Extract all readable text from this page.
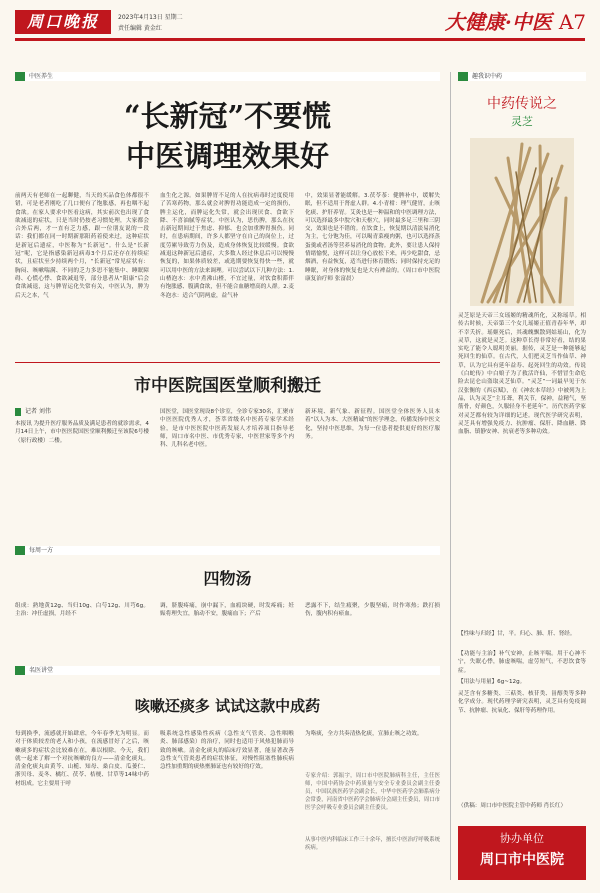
周口晚报	2023年4月13日 星期二
责任编辑 黄金红	大健康·中医 A7
中医养生
“长新冠”不要慌
中医调理效果好
前两天有老师在一起聊健，当天的买品食色体都很不错，可是老者刚吃了几口便有了饱胀感，再也咽不起食欲。在家人要求中医看这病，其实前次也出现了食欲减退的症状，只是当时仍按老习惯处理，大家都会合外后两，才一直有乏力感，跟一位朋友说的一段话：我们都在同一时期新那阳药着使来过，这种症状是新冠后遗症，中医称为“长新冠”。什么是“长新冠”呢，它是指感染新冠病毒3个月后还存在持续症状，且症状至少持续两个月，“长新冠”常见症状有：胸闷、咳嗽喘满、不同的乏力多思不能集中、睡眠障碍、心慌心悸、食欲减退等，部分患者从“阳康”后会食欲减退，这与脾胃运化失常有关，中医认为，脾为后天之本，气
血生化之源。如果脾胃不足的人在抗病毒时过度使用了苦寒药物，那么就会对脾胃功能造成一定的损伤，脾主运化，而脾运化失常，就会出现厌食、食欲下降、不喜油腻等症状。中医认为，思伤脾，那么在抗击新冠期间过于焦虑、抑郁、也会加重脾胃损伤。同时，在患病期间，许多人都坚守在自己的岗位上，过度劳累导致劳力伤及，造成身体恢复比较缓慢。食欲减退这种新冠后遗症，大多数人经过休息后可以慢慢恢复的，如果体质较差，或选期要恢复得快一些，就可以用中医的方法来调理。可以尝试以下几种方法：1.山楂泡水：水中煮沸山楂，不宜过量，对饮食积滞伴有饱胀感、腹满食欲，但不能合血糖增高的人群。2.麦冬泡水：适合气阴两虚，益气补
中，效果显著能缓解。3.茯苓茶：健脾补中，缓解失眠，但不适用于肾虚人群。4.小青柑：理气健胃，止咳化痰、护肝养胃。艾灸也是一种温和的中医调理方法，可以选择最多中脘穴和天枢穴，同时最多足三里和三阴交，效果也是不错的。在饮食上，恢复期以清淡易消化为主，七分饱为佳，可以喝青菜瘦肉粥，也可以选择蒸蛋羹或者汤等营养易消化的食物。此外，要让患人保持情绪愉悦，这样可以让身心放松下来，再少吃甜食，忌烟酒，有益恢复，适当进行体育锻炼；同时保持充足的睡眠，对身体的恢复也是大有裨益的。（周口市中医院康复治疗师 张富晨）
市中医院国医堂顺利搬迁
记者 刘伟
本报讯 为提升医疗服务品质及满足患者的就诊需求，4月14日上午，市中医医院国医堂顺利搬迁至该院6号楼（原行政楼）二楼。
国医堂，国医堂现设8个诊室，全诊专家30名，汇聚市中医医院优秀人才，荟萃省级名中医药专家学术经验，是市中医医院中医药发展人才培养项目指导老师，周口市名中医、市优秀专家，中医世家等多个内科、儿科名老中医。
新环境、新气象、新征程。国医堂全体医务人员本着“以人为本、大医精诚”的医学理念，传播发扬中医文化，坚持中医思维，为每一位患者提供更好的医疗服务。
每周一方
四物汤
组成：熟地黄12g、当归10g、白芍12g、川芎6g。主治：冲任虚损，月经不
调，脐腹疼痛，崩中漏下，血瘕块硬，时发疼痛；妊娠将理失宜，胎动不安，腹痛血下；产后
恶露不下，结生瘕聚，少腹坚痛，时作寒热；跌打损伤，腹内积有瘀血。
名医讲堂
咳嗽还痰多 试试这款中成药
每到换季，流感就开始肆虐，今年春季尤为明显。而对于体质较差的老人和小孩，在流感冒好了之后，咳嗽痰多的症状会比较难在在，难以根除。今天，我们就一起来了解一个对抗咳嗽的良方——清金化痰丸。清金化痰丸由黄芩、山栀、知母、桑白皮、瓜蒌仁、浙贝母、麦冬、橘红、茯苓、桔梗、甘草等14味中药材组成。它主要用于呼
吸系统急性感染性疾病（急性支气管炎、急性咽喉炎、肺部感染）的治疗，同时也适用于风热犯肺而导致的咳嗽。清金化痰丸的临床疗效显著，能显著改善急性支气管炎患者的症状体征，对慢性阻塞性肺疾病急性加重期的痰热壅肺证也有较好的疗效。
为咯痰，全方共奏清热化痰，宣肺止咳之功效。
专家介绍：郭振宇，周口市中医院肺病科主任，主任医师，中国中药协会中药质量与安全专业委员会副主任委员，中国民族医药学会副会长，中华中医药学会肺系病分会常委，河南省中医药学会肺病分会副主任委员，周口市医学会呼吸专业委员会副主任委员。
从事中医内科临床工作三十余年，擅长中医治疗呼吸系统疾病。
趣我识中药
中药传说之
灵芝
灵芝原是天帝三女瑶姬的精魂所化，又称瑶草。相传古时候，天帝第三个女儿瑶姬正值青春年华，却不幸夭折。瑶姬死后，其魂魄飘散到姑瑶山，化为灵草，这就是灵芝。这种草长得非常好看，结的果实吃了能令人聪明美丽。据传，灵芝是一种能够起死回生的仙草。在古代，人们把灵芝当作仙草、神草，认为它具有延年益寿、起死回生的功效。传说《白蛇传》中白娘子为了救活许仙，不惜冒生命危险去昆仑山盗取灵芝仙草。“灵芝”一词最早见于东汉张衡的《西京赋》，在《神农本草经》中被列为上品，认为灵芝“主耳聋，利关节，保神，益精气，坚筋骨，好颜色，久服轻身不老延年”。历代医药学家对灵芝都有较为详细的记述。现代医学研究表明，灵芝具有增强免疫力、抗肿瘤、保肝、降血糖、降血脂、镇静安神、抗衰老等多种功效。
【性味与归经】甘，平。归心、肺、肝、肾经。
【功能与主治】补气安神，止咳平喘。用于心神不宁，失眠心悸，肺虚咳喘，虚劳短气，不思饮食等症。
【用法与用量】6g~12g。
灵芝含有多糖类、三萜类、核苷类、甾醇类等多种化学成分。现代药理学研究表明，灵芝具有免疫调节、抗肿瘤、抗氧化、保肝等药理作用。
（供稿：周口市中医院主管中药师 肖长红）
协办单位
周口市中医院
